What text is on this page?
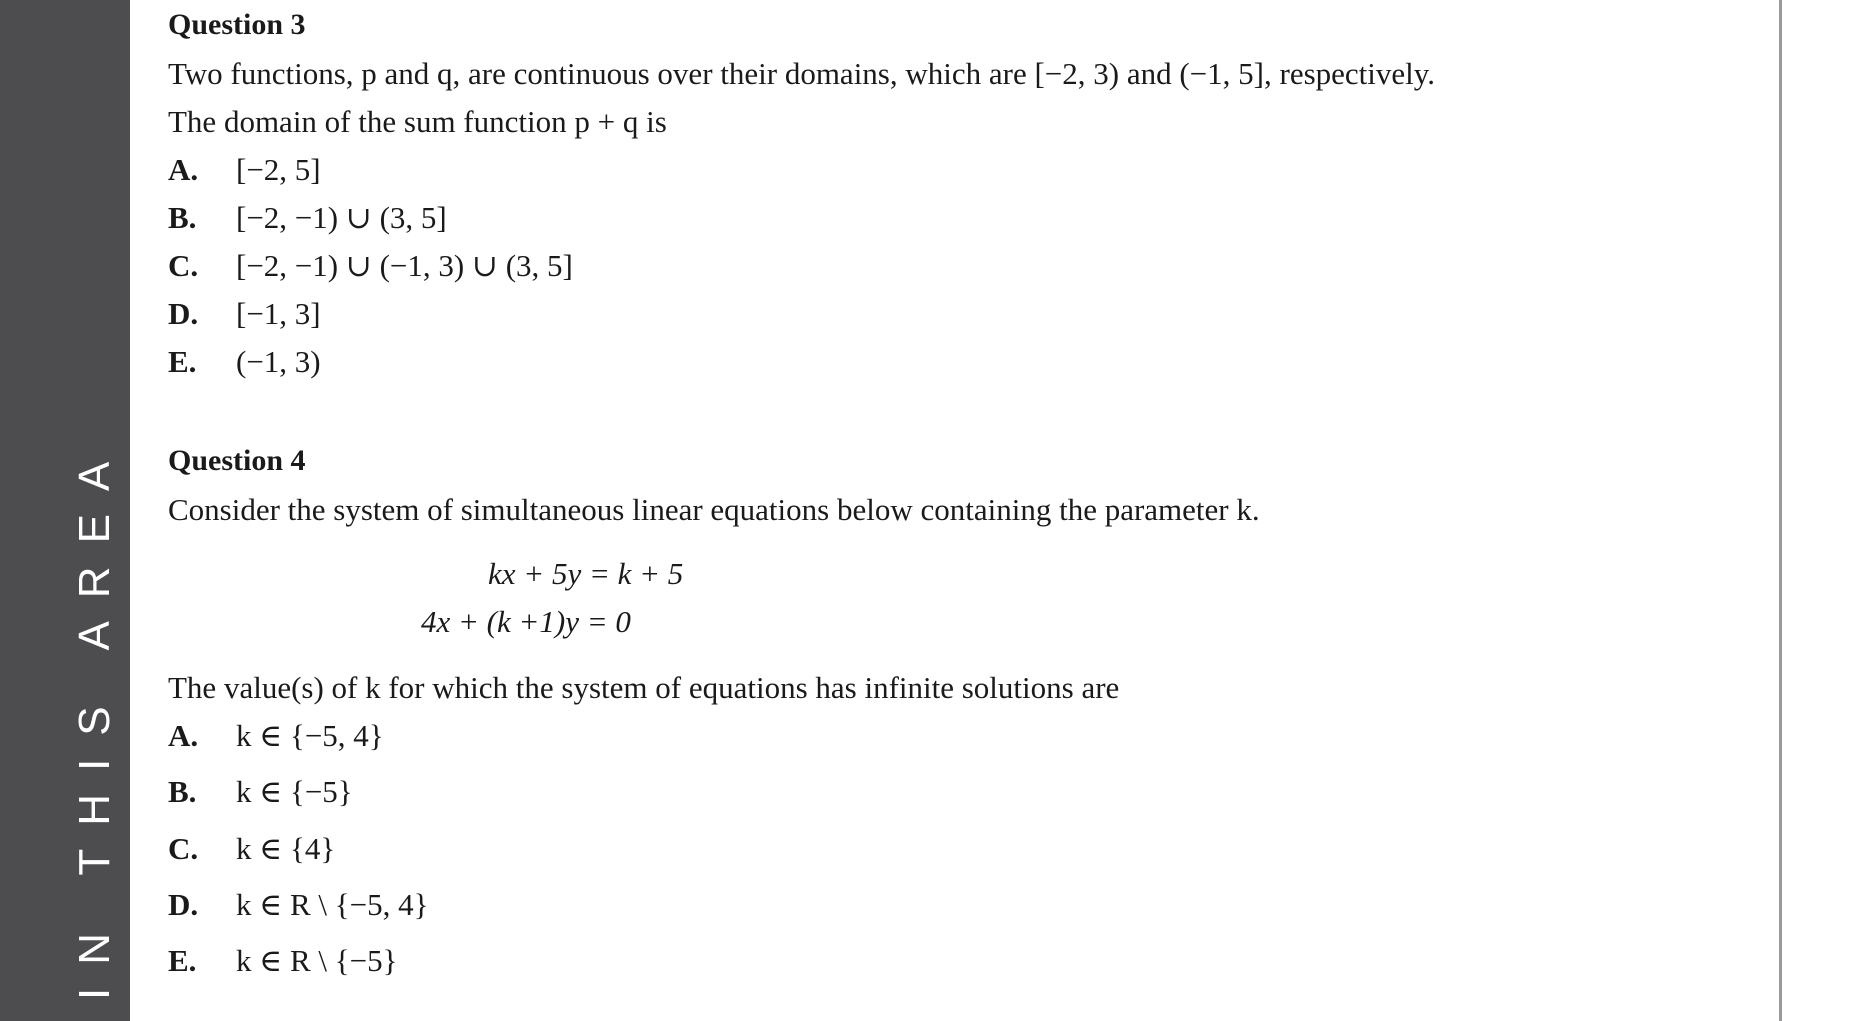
IN THIS AREA
Question 3
Two functions, p and q, are continuous over their domains, which are [−2, 3) and (−1, 5], respectively.
The domain of the sum function p + q is
A. [−2, 5]
B. [−2, −1) ∪ (3, 5]
C. [−2, −1) ∪ (−1, 3) ∪ (3, 5]
D. [−1, 3]
E. (−1, 3)
Question 4
Consider the system of simultaneous linear equations below containing the parameter k.
kx + 5y = k + 5
4x + (k +1)y = 0
The value(s) of k for which the system of equations has infinite solutions are
A. k ∈ {−5, 4}
B. k ∈ {−5}
C. k ∈ {4}
D. k ∈ R \ {−5, 4}
E. k ∈ R \ {−5}
